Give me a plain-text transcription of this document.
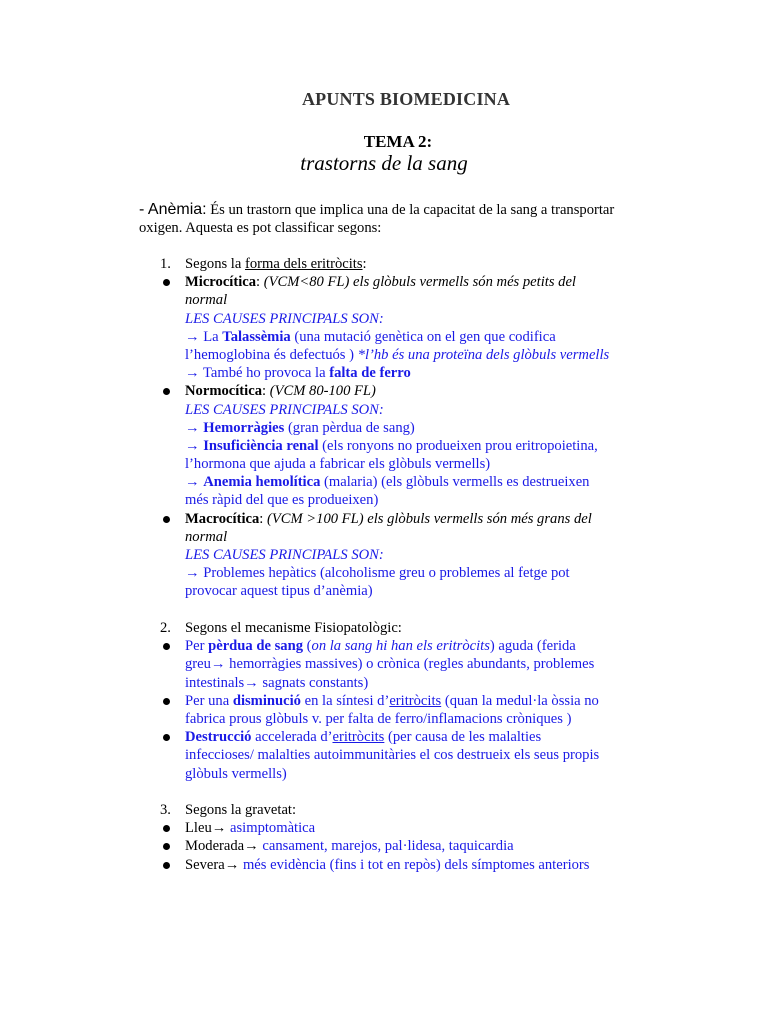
APUNTS BIOMEDICINA
TEMA 2:
trastorns de la sang
- Anèmia: És un trastorn que implica una de la capacitat de la sang a transportar
oxigen. Aquesta es pot classificar segons:
1. Segons la forma dels eritròcits:
Microcítica: (VCM<80 FL) els glòbuls vermells són més petits del
normal
LES CAUSES PRINCIPALS SON:
→ La Talassèmia (una mutació genètica on el gen que codifica
l’hemoglobina és defectuós ) *l’hb és una proteïna dels glòbuls vermells
→ També ho provoca la falta de ferro
Normocítica: (VCM 80-100 FL)
LES CAUSES PRINCIPALS SON:
→ Hemorràgies (gran pèrdua de sang)
→ Insuficiència renal (els ronyons no produeixen prou eritropoietina,
l’hormona que ajuda a fabricar els glòbuls vermells)
→ Anemia hemolítica (malaria) (els glòbuls vermells es destrueixen
més ràpid del que es produeixen)
Macrocítica: (VCM >100 FL) els glòbuls vermells són més grans del
normal
LES CAUSES PRINCIPALS SON:
→ Problemes hepàtics (alcoholisme greu o problemes al fetge pot
provocar aquest tipus d’anèmia)
2. Segons el mecanisme Fisiopatològic:
Per pèrdua de sang (on la sang hi han els eritròcits) aguda (ferida
greu→ hemorràgies massives) o crònica (regles abundants, problemes
intestinals→ sagnats constants)
Per una disminució en la síntesi d’eritròcits (quan la medul·la òssia no
fabrica prous glòbuls v. per falta de ferro/inflamacions cròniques )
Destrucció accelerada d’eritròcits (per causa de les malalties
infeccioses/ malalties autoimmunitàries el cos destrueix els seus propis
glòbuls vermells)
3. Segons la gravetat:
Lleu→ asimptomàtica
Moderada→ cansament, marejos, pal·lidesa, taquicardia
Severa→ més evidència (fins i tot en repòs) dels símptomes anteriors
